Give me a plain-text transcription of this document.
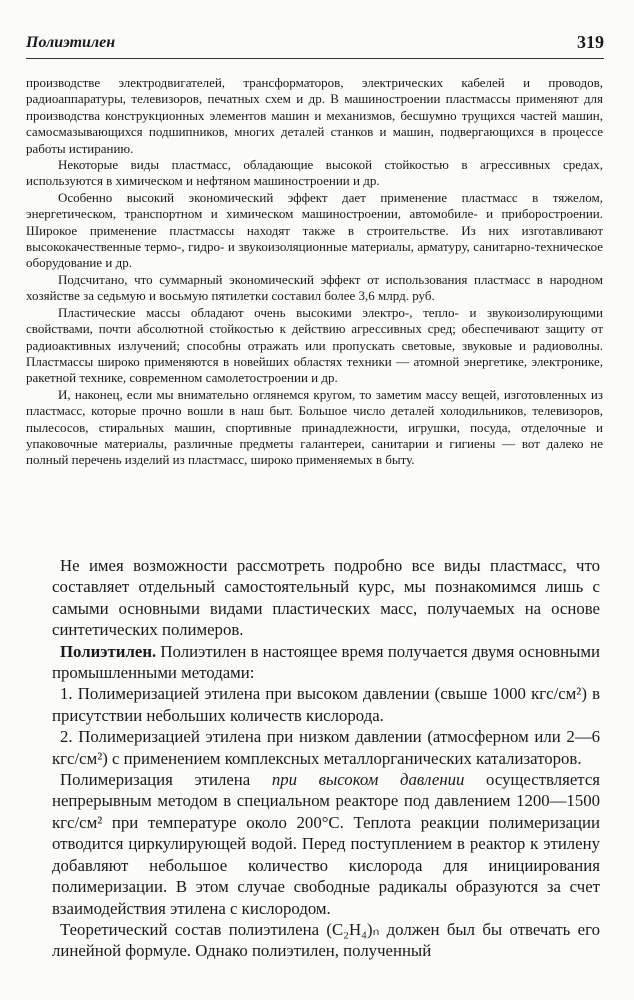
Полиэтилен	319

производстве электродвигателей, трансформаторов, электрических кабелей и проводов, радиоаппаратуры, телевизоров, печатных схем и др. В машиностроении пластмассы применяют для производства конструкционных элементов машин и механизмов, бесшумно трущихся частей машин, самосмазывающихся подшипников, многих деталей станков и машин, подвергающихся в процессе работы истиранию.

Некоторые виды пластмасс, обладающие высокой стойкостью в агрессивных средах, используются в химическом и нефтяном машиностроении и др.

Особенно высокий экономический эффект дает применение пластмасс в тяжелом, энергетическом, транспортном и химическом машиностроении, автомобиле- и приборостроении. Широкое применение пластмассы находят также в строительстве. Из них изготавливают высококачественные термо-, гидро- и звукоизоляционные материалы, арматуру, санитарно-техническое оборудование и др.

Подсчитано, что суммарный экономический эффект от использования пластмасс в народном хозяйстве за седьмую и восьмую пятилетки составил более 3,6 млрд. руб.

Пластические массы обладают очень высокими электро-, тепло- и звукоизолирующими свойствами, почти абсолютной стойкостью к действию агрессивных сред; обеспечивают защиту от радиоактивных излучений; способны отражать или пропускать световые, звуковые и радиоволны. Пластмассы широко применяются в новейших областях техники — атомной энергетике, электронике, ракетной технике, современном самолетостроении и др.

И, наконец, если мы внимательно оглянемся кругом, то заметим массу вещей, изготовленных из пластмасс, которые прочно вошли в наш быт. Большое число деталей холодильников, телевизоров, пылесосов, стиральных машин, спортивные принадлежности, игрушки, посуда, отделочные и упаковочные материалы, различные предметы галантереи, санитарии и гигиены — вот далеко не полный перечень изделий из пластмасс, широко применяемых в быту.

Не имея возможности рассмотреть подробно все виды пластмасс, что составляет отдельный самостоятельный курс, мы познакомимся лишь с самыми основными видами пластических масс, получаемых на основе синтетических полимеров.

Полиэтилен. Полиэтилен в настоящее время получается двумя основными промышленными методами:

1. Полимеризацией этилена при высоком давлении (свыше 1000 кгс/см²) в присутствии небольших количеств кислорода.

2. Полимеризацией этилена при низком давлении (атмосферном или 2—6 кгс/см²) с применением комплексных металлорганических катализаторов.

Полимеризация этилена при высоком давлении осуществляется непрерывным методом в специальном реакторе под давлением 1200—1500 кгс/см² при температуре около 200°C. Теплота реакции полимеризации отводится циркулирующей водой. Перед поступлением в реактор к этилену добавляют небольшое количество кислорода для инициирования полимеризации. В этом случае свободные радикалы образуются за счет взаимодействия этилена с кислородом.

Теоретический состав полиэтилена (C₂H₄)ₙ должен был бы отвечать его линейной формуле. Однако полиэтилен, полученный
